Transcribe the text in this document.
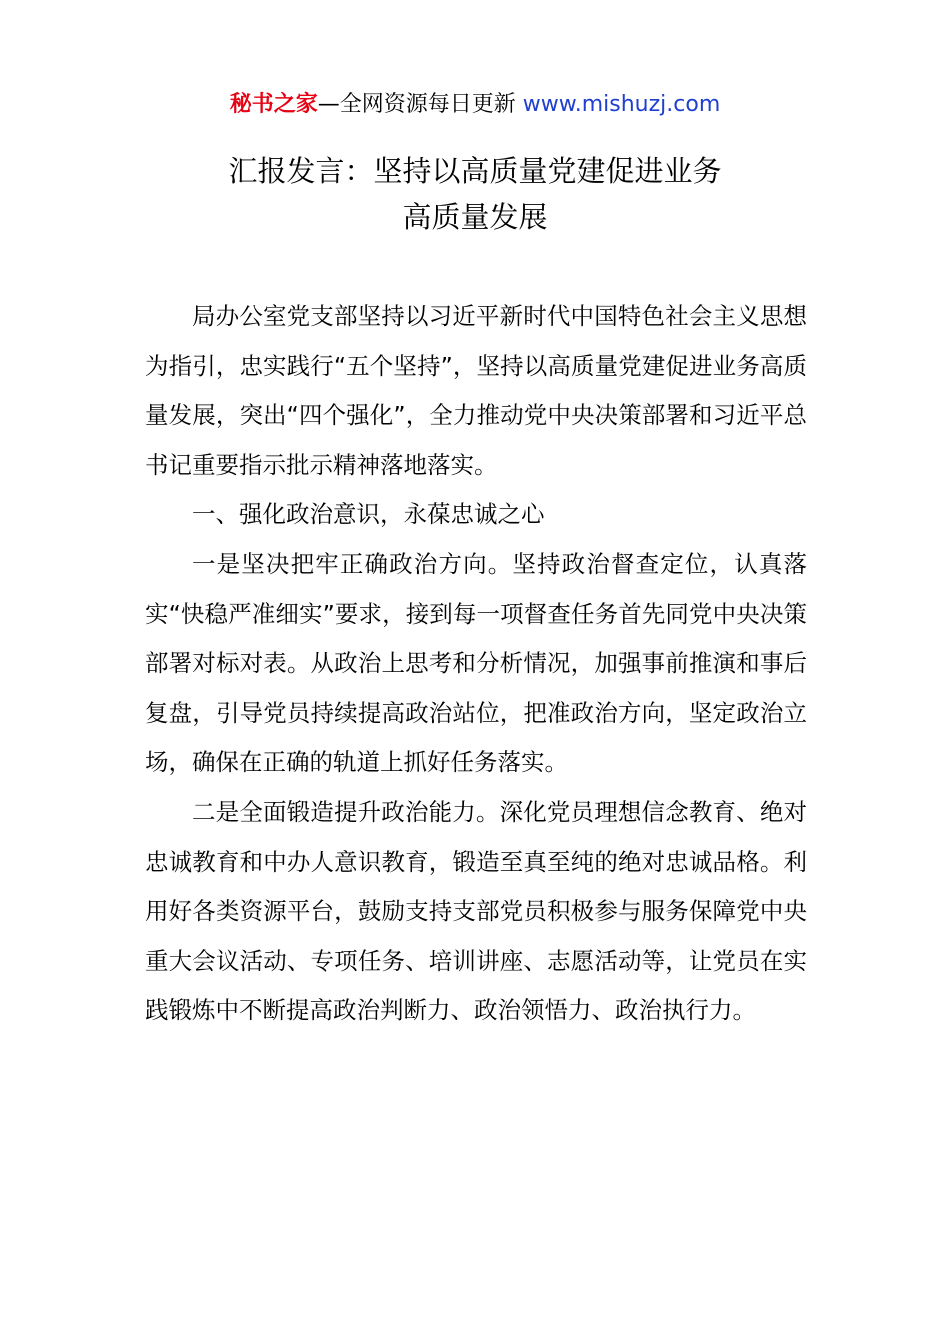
秘书之家—全网资源每日更新 www.mishuzj.com
汇报发言：坚持以高质量党建促进业务
高质量发展

局办公室党支部坚持以习近平新时代中国特色社会主义思想为指引，忠实践行“五个坚持”，坚持以高质量党建促进业务高质量发展，突出“四个强化”，全力推动党中央决策部署和习近平总书记重要指示批示精神落地落实。

一、强化政治意识，永葆忠诚之心

一是坚决把牢正确政治方向。坚持政治督查定位，认真落实“快稳严准细实”要求，接到每一项督查任务首先同党中央决策部署对标对表。从政治上思考和分析情况，加强事前推演和事后复盘，引导党员持续提高政治站位，把准政治方向，坚定政治立场，确保在正确的轨道上抓好任务落实。

二是全面锻造提升政治能力。深化党员理想信念教育、绝对忠诚教育和中办人意识教育，锻造至真至纯的绝对忠诚品格。利用好各类资源平台，鼓励支持支部党员积极参与服务保障党中央重大会议活动、专项任务、培训讲座、志愿活动等，让党员在实践锻炼中不断提高政治判断力、政治领悟力、政治执行力。
